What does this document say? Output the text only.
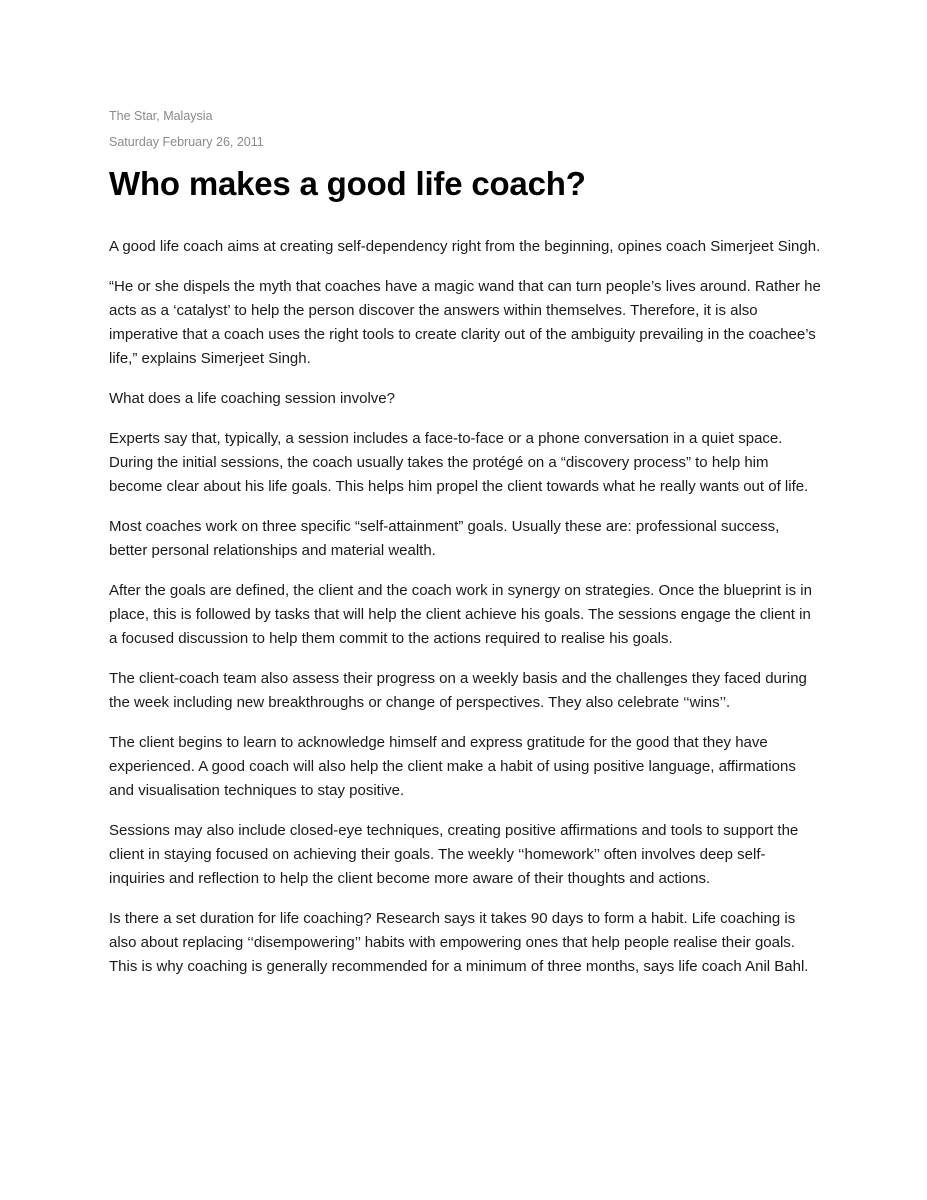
The Star, Malaysia

Saturday February 26, 2011

Who makes a good life coach?

A good life coach aims at creating self-dependency right from the beginning, opines coach Simerjeet Singh.

“He or she dispels the myth that coaches have a magic wand that can turn people’s lives around. Rather he acts as a ‘catalyst’ to help the person discover the answers within themselves. Therefore, it is also imperative that a coach uses the right tools to create clarity out of the ambiguity prevailing in the coachee’s life,” explains Simerjeet Singh.

What does a life coaching session involve?

Experts say that, typically, a session includes a face-to-face or a phone conversation in a quiet space. During the initial sessions, the coach usually takes the protégé on a “discovery process” to help him become clear about his life goals. This helps him propel the client towards what he really wants out of life.

Most coaches work on three specific “self-attainment” goals. Usually these are: professional success, better personal relationships and material wealth.

After the goals are defined, the client and the coach work in synergy on strategies. Once the blueprint is in place, this is followed by tasks that will help the client achieve his goals. The sessions engage the client in a focused discussion to help them commit to the actions required to realise his goals.

The client-coach team also assess their progress on a weekly basis and the challenges they faced during the week including new breakthroughs or change of perspectives. They also celebrate ‘‘wins’’.

The client begins to learn to acknowledge himself and express gratitude for the good that they have experienced. A good coach will also help the client make a habit of using positive language, affirmations and visualisation techniques to stay positive.

Sessions may also include closed-eye techniques, creating positive affirmations and tools to support the client in staying focused on achieving their goals. The weekly ‘‘homework’’ often involves deep self-inquiries and reflection to help the client become more aware of their thoughts and actions.

Is there a set duration for life coaching? Research says it takes 90 days to form a habit. Life coaching is also about replacing ‘‘disempowering’’ habits with empowering ones that help people realise their goals. This is why coaching is generally recommended for a minimum of three months, says life coach Anil Bahl.
